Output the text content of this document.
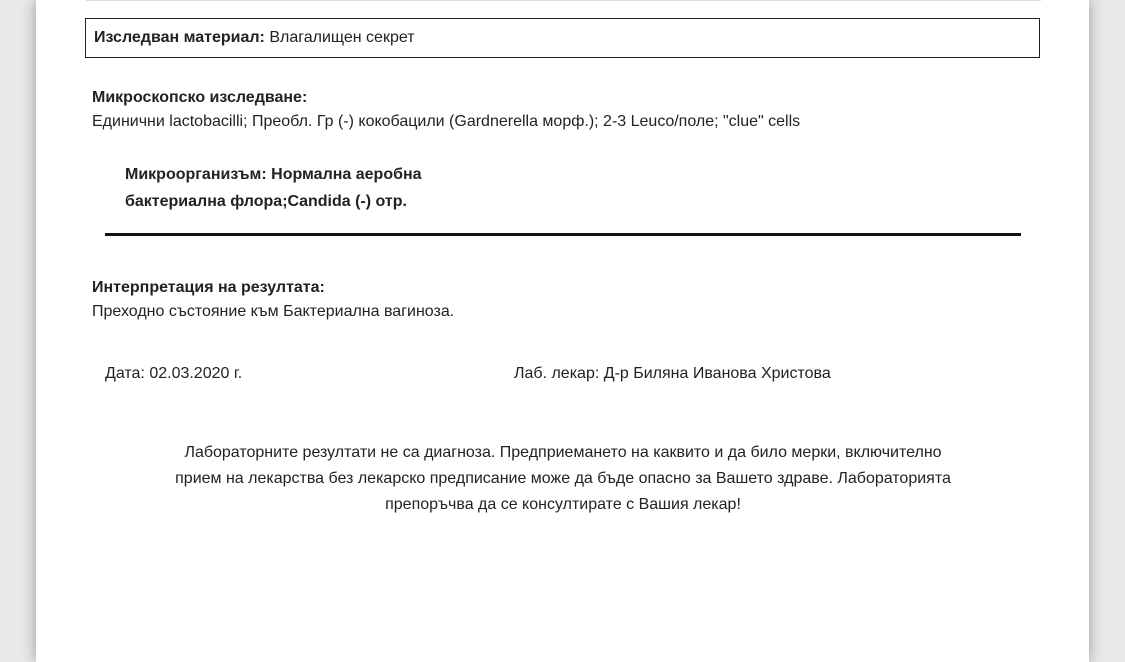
Изследван материал:
Влагалищен секрет
Микроскопско изследване:
Единични lactobacilli; Преобл. Гр (-) кокобацили (Gardnerella морф.); 2-3 Leuco/поле; "clue" cells
Микроорганизъм: Нормална аеробна
бактериална флора;Candida (-) отр.
Интерпретация на резултата:
Преходно състояние към Бактериална вагиноза.
Дата: 02.03.2020 г.	Лаб. лекар: Д-р Биляна Иванова Христова
Лабораторните резултати не са диагноза. Предприемането на каквито и да било мерки, включително
прием на лекарства без лекарско предписание може да бъде опасно за Вашето здраве. Лабораторията
препоръчва да се консултирате с Вашия лекар!
